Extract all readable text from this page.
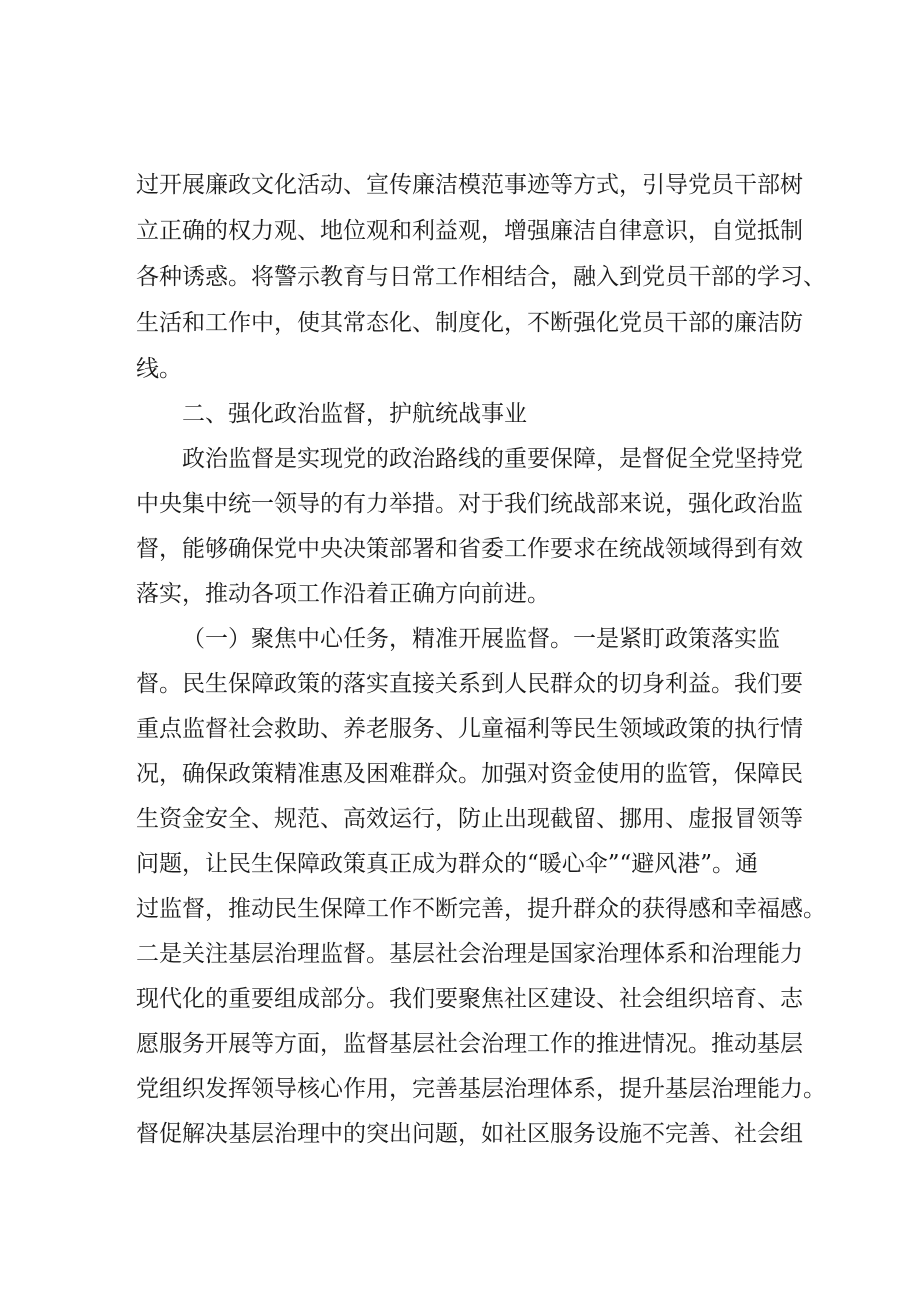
过开展廉政文化活动、宣传廉洁模范事迹等方式，引导党员干部树

立正确的权力观、地位观和利益观，增强廉洁自律意识，自觉抵制

各种诱惑。将警示教育与日常工作相结合，融入到党员干部的学习、

生活和工作中，使其常态化、制度化，不断强化党员干部的廉洁防

线。

二、强化政治监督，护航统战事业

政治监督是实现党的政治路线的重要保障，是督促全党坚持党

中央集中统一领导的有力举措。对于我们统战部来说，强化政治监

督，能够确保党中央决策部署和省委工作要求在统战领域得到有效

落实，推动各项工作沿着正确方向前进。

（一）聚焦中心任务，精准开展监督。一是紧盯政策落实监

督。民生保障政策的落实直接关系到人民群众的切身利益。我们要

重点监督社会救助、养老服务、儿童福利等民生领域政策的执行情

况，确保政策精准惠及困难群众。加强对资金使用的监管，保障民

生资金安全、规范、高效运行，防止出现截留、挪用、虚报冒领等

问题，让民生保障政策真正成为群众的“暖心伞”“避风港”。通

过监督，推动民生保障工作不断完善，提升群众的获得感和幸福感。

二是关注基层治理监督。基层社会治理是国家治理体系和治理能力

现代化的重要组成部分。我们要聚焦社区建设、社会组织培育、志

愿服务开展等方面，监督基层社会治理工作的推进情况。推动基层

党组织发挥领导核心作用，完善基层治理体系，提升基层治理能力。

督促解决基层治理中的突出问题，如社区服务设施不完善、社会组
